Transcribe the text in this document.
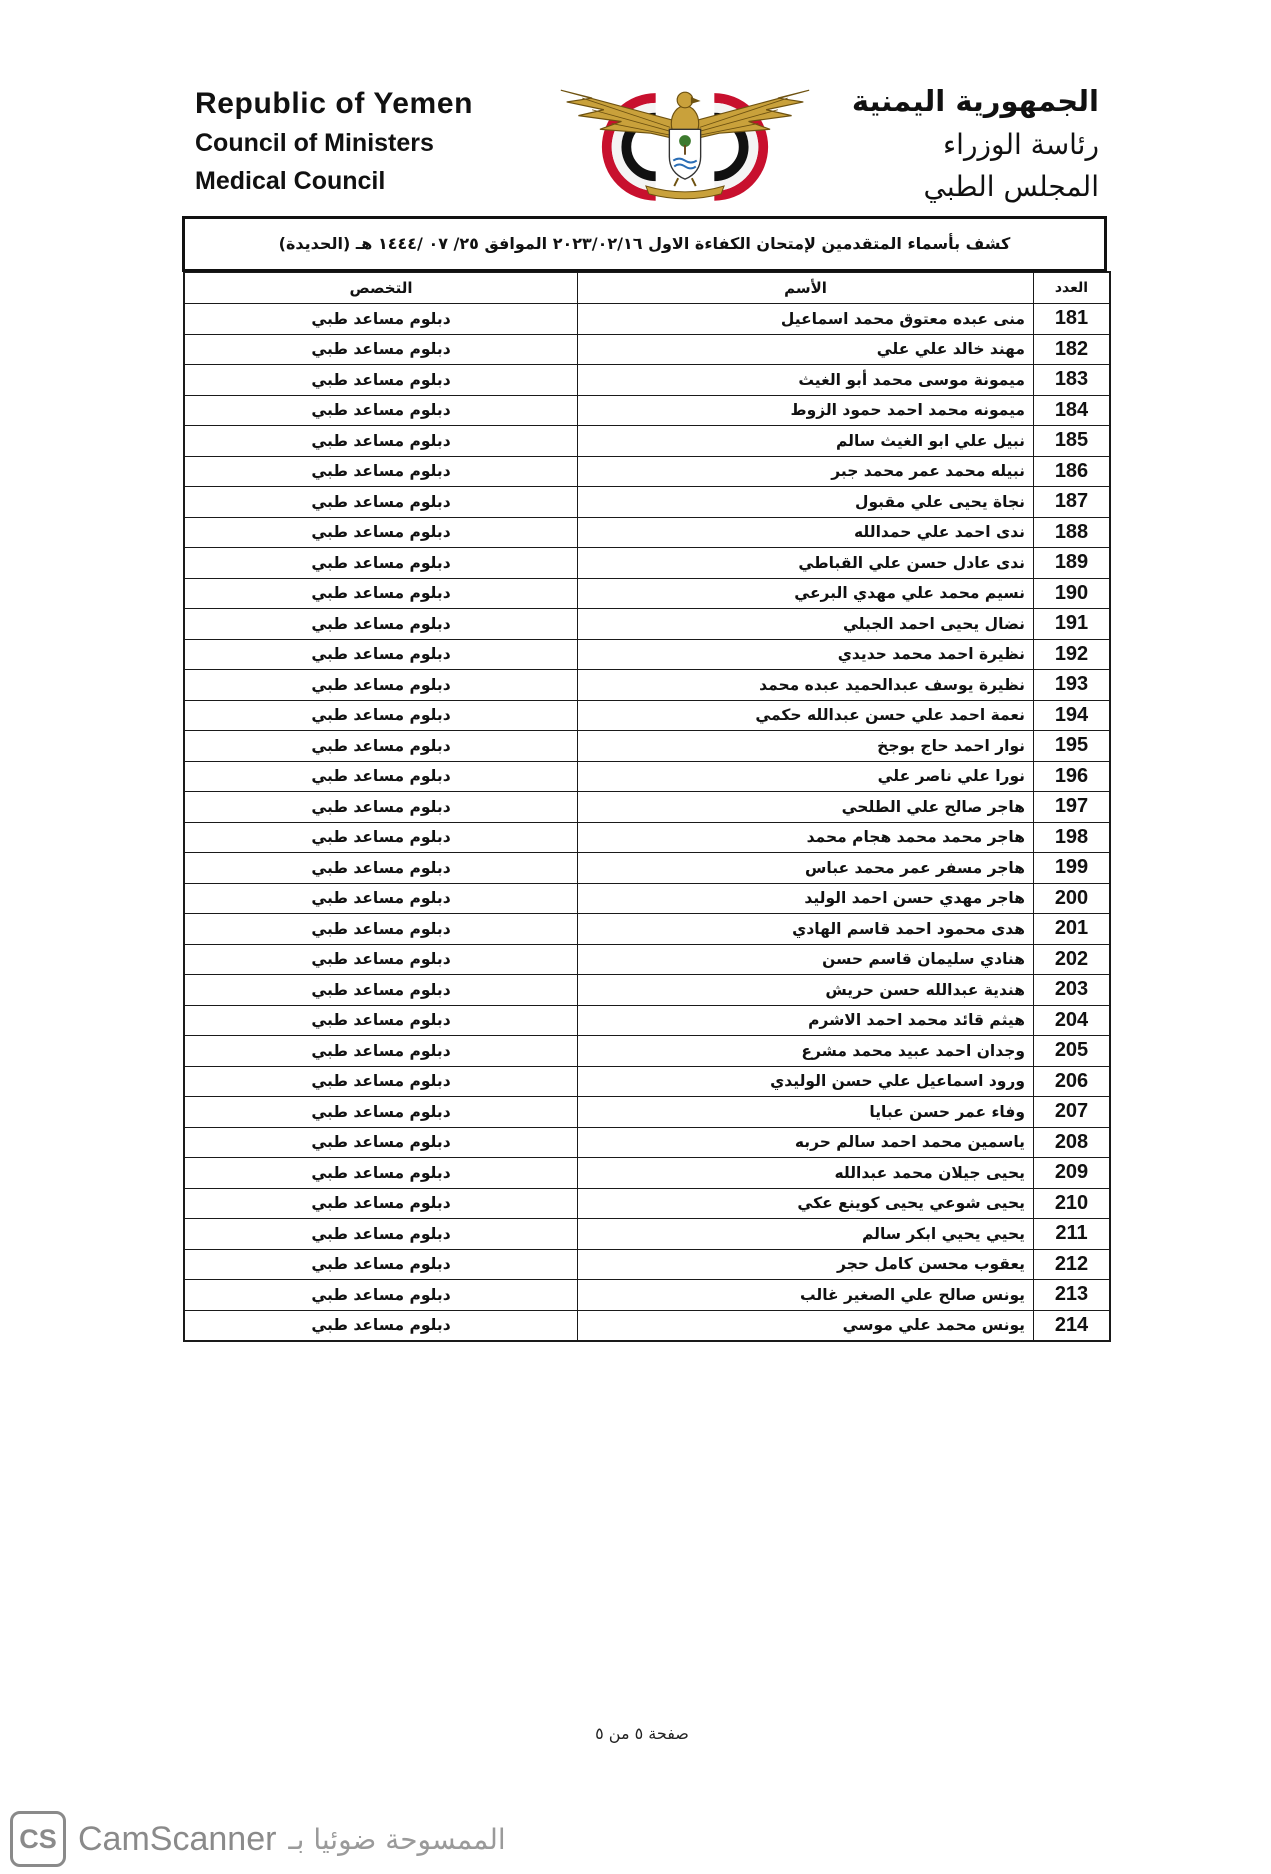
Republic of Yemen
Council of Ministers
Medical Council
الجمهورية اليمنية
رئاسة الوزراء
المجلس الطبي
كشف بأسماء المتقدمين لإمتحان الكفاءة الاول ٢٠٢٣/٠٢/١٦ الموافق ٢٥/ ٠٧ /١٤٤٤ هـ (الحديدة)
العدد	الأسم	التخصص
181	منى عبده معتوق محمد اسماعيل	دبلوم مساعد طبي
182	مهند خالد علي علي	دبلوم مساعد طبي
183	ميمونة موسى محمد أبو الغيث	دبلوم مساعد طبي
184	ميمونه محمد احمد حمود الزوط	دبلوم مساعد طبي
185	نبيل علي ابو الغيث سالم	دبلوم مساعد طبي
186	نبيله محمد عمر محمد جبر	دبلوم مساعد طبي
187	نجاة يحيى علي مقبول	دبلوم مساعد طبي
188	ندى احمد علي حمدالله	دبلوم مساعد طبي
189	ندى عادل حسن علي القباطي	دبلوم مساعد طبي
190	نسيم محمد علي مهدي البرعي	دبلوم مساعد طبي
191	نضال يحيى احمد الجبلي	دبلوم مساعد طبي
192	نظيرة احمد محمد حديدي	دبلوم مساعد طبي
193	نظيرة يوسف عبدالحميد عبده محمد	دبلوم مساعد طبي
194	نعمة احمد علي حسن عبدالله حكمي	دبلوم مساعد طبي
195	نوار احمد حاج بوجخ	دبلوم مساعد طبي
196	نورا علي ناصر علي	دبلوم مساعد طبي
197	هاجر صالح علي الطلحي	دبلوم مساعد طبي
198	هاجر محمد محمد هجام محمد	دبلوم مساعد طبي
199	هاجر مسفر عمر محمد عباس	دبلوم مساعد طبي
200	هاجر مهدي حسن احمد الوليد	دبلوم مساعد طبي
201	هدى محمود احمد قاسم الهادي	دبلوم مساعد طبي
202	هنادي سليمان قاسم حسن	دبلوم مساعد طبي
203	هندية عبدالله حسن حريش	دبلوم مساعد طبي
204	هيثم قائد محمد احمد الاشرم	دبلوم مساعد طبي
205	وجدان احمد عبيد محمد مشرع	دبلوم مساعد طبي
206	ورود اسماعيل علي حسن الوليدي	دبلوم مساعد طبي
207	وفاء عمر حسن عبايا	دبلوم مساعد طبي
208	ياسمين محمد احمد سالم حربه	دبلوم مساعد طبي
209	يحيى جيلان محمد عبدالله	دبلوم مساعد طبي
210	يحيى شوعي يحيى كوينع عكي	دبلوم مساعد طبي
211	يحيي يحيي ابكر سالم	دبلوم مساعد طبي
212	يعقوب محسن كامل حجر	دبلوم مساعد طبي
213	يونس صالح علي الصغير غالب	دبلوم مساعد طبي
214	يونس محمد علي موسي	دبلوم مساعد طبي
صفحة ٥ من ٥
CS CamScanner الممسوحة ضوئيا بـ
